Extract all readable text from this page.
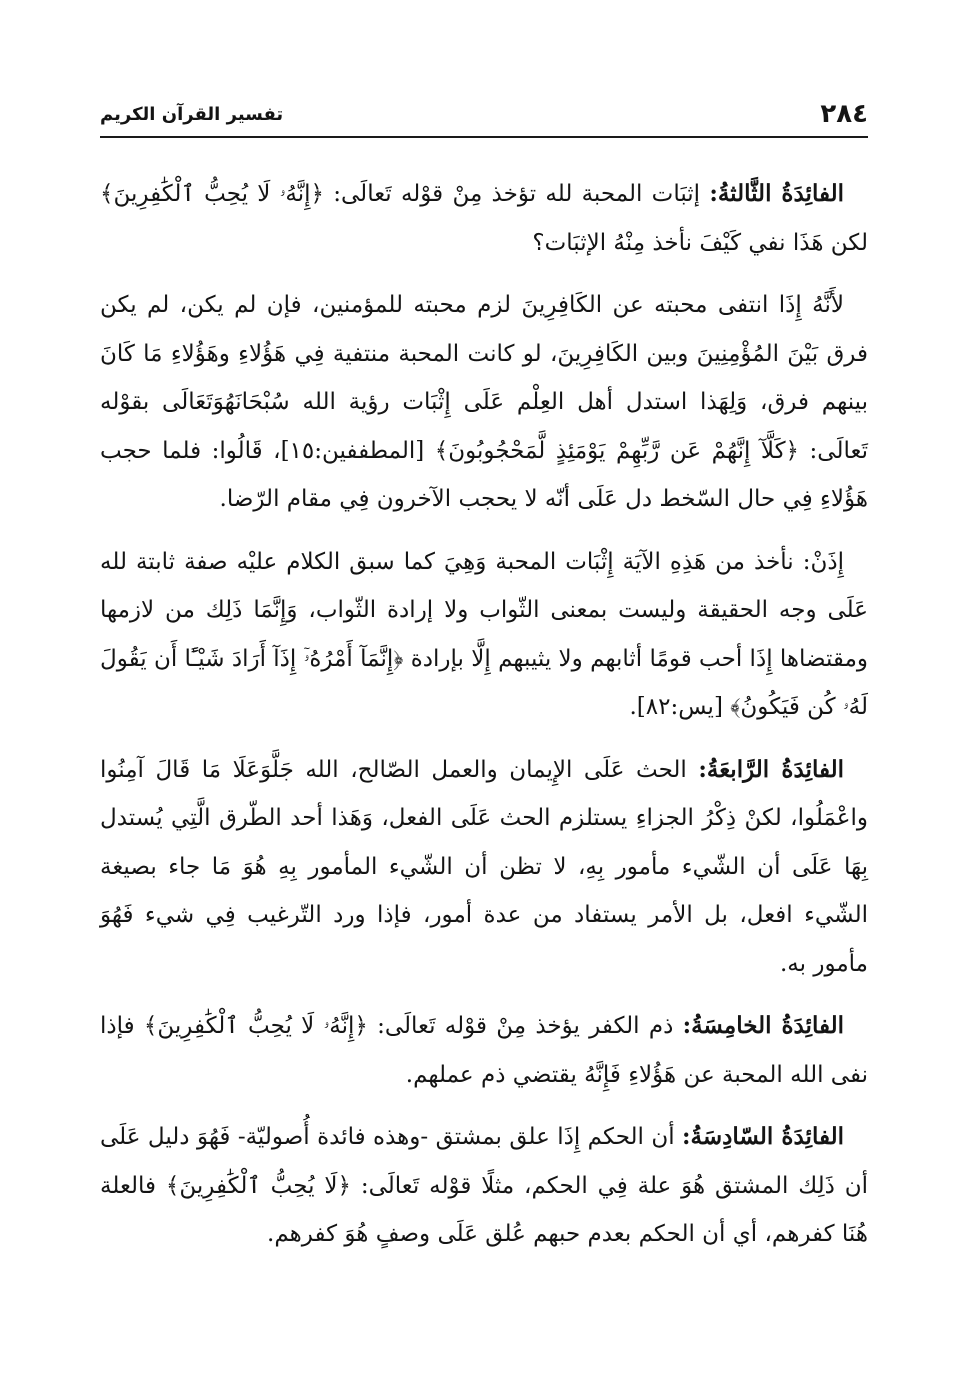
٢٨٤
تفسير القرآن الكريم

الفائِدَةُ الثَّالثةُ: إثبَات المحبة لله تؤخذ مِنْ قوْله تَعالَى: ﴿إِنَّهُۥ لَا يُحِبُّ ٱلْكَٰفِرِينَ﴾ لكن هَذَا نفي كَيْفَ نأخذ مِنْهُ الإثبَات؟

لأَنَّهُ إِذَا انتفى محبته عن الكَافِرِينَ لزم محبته للمؤمنين، فإن لم يكن، لم يكن فرق بَيْنَ المُؤْمِنِينَ وبين الكَافِرِينَ، لو كانت المحبة منتفية فِي هَؤُلاءِ وهَؤُلاءِ مَا كَانَ بينهم فرق، وَلِهَذا استدل أهل العِلْم عَلَى إِثْبَات رؤية الله سُبْحَانَهُوَتَعَالَى بقوْله تَعالَى: ﴿كَلَّآ إِنَّهُمْ عَن رَّبِّهِمْ يَوْمَئِذٍ لَّمَحْجُوبُونَ﴾ [المطففين:١٥]، قَالُوا: فلما حجب هَؤُلاءِ فِي حال السّخط دل عَلَى أنّه لا يحجب الآخرون فِي مقام الرّضا.

إِذَنْ: نأخذ من هَذِهِ الآيَة إِثْبَات المحبة وَهِيَ كما سبق الكلام عليْه صفة ثابتة لله عَلَى وجه الحقيقة وليست بمعنى الثّواب ولا إرادة الثّواب، وَإِنَّمَا ذَلِك من لازمها ومقتضاها إِذَا أحب قومًا أثابهم ولا يثيبهم إِلَّا بإرادة ﴿إِنَّمَآ أَمْرُهُۥٓ إِذَآ أَرَادَ شَيْـًٔا أَن يَقُولَ لَهُۥ كُن فَيَكُونُ﴾ [يس:٨٢].

الفائِدَةُ الرَّابعَةُ: الحث عَلَى الإِيمان والعمل الصّالح، الله جَلَّوَعَلَا مَا قَالَ آمِنُوا واعْمَلُوا، لكنْ ذِكْرُ الجزاءِ يستلزم الحث عَلَى الفعل، وَهَذا أحد الطّرق الَّتِي يُستدل بِهَا عَلَى أن الشّيء مأمور بِهِ، لا تظن أن الشّيء المأمور بِهِ هُوَ مَا جاء بصيغة الشّيء افعل، بل الأمر يستفاد من عدة أمور، فإذا ورد التّرغيب فِي شيء فَهُوَ مأمور به.

الفائِدَةُ الخامِسَةُ: ذم الكفر يؤخذ مِنْ قوْله تَعالَى: ﴿إِنَّهُۥ لَا يُحِبُّ ٱلْكَٰفِرِينَ﴾ فإذا نفى الله المحبة عن هَؤُلاءِ فَإِنَّهُ يقتضي ذم عملهم.

الفائِدَةُ السّادِسَةُ: أن الحكم إِذَا علق بمشتق -وهذه فائدة أُصوليّة- فَهُوَ دليل عَلَى أن ذَلِك المشتق هُوَ علة فِي الحكم، مثلًا قوْله تَعالَى: ﴿لَا يُحِبُّ ٱلْكَٰفِرِينَ﴾ فالعلة هُنَا كفرهم، أي أن الحكم بعدم حبهم عُلق عَلَى وصفٍ هُوَ كفرهم.
